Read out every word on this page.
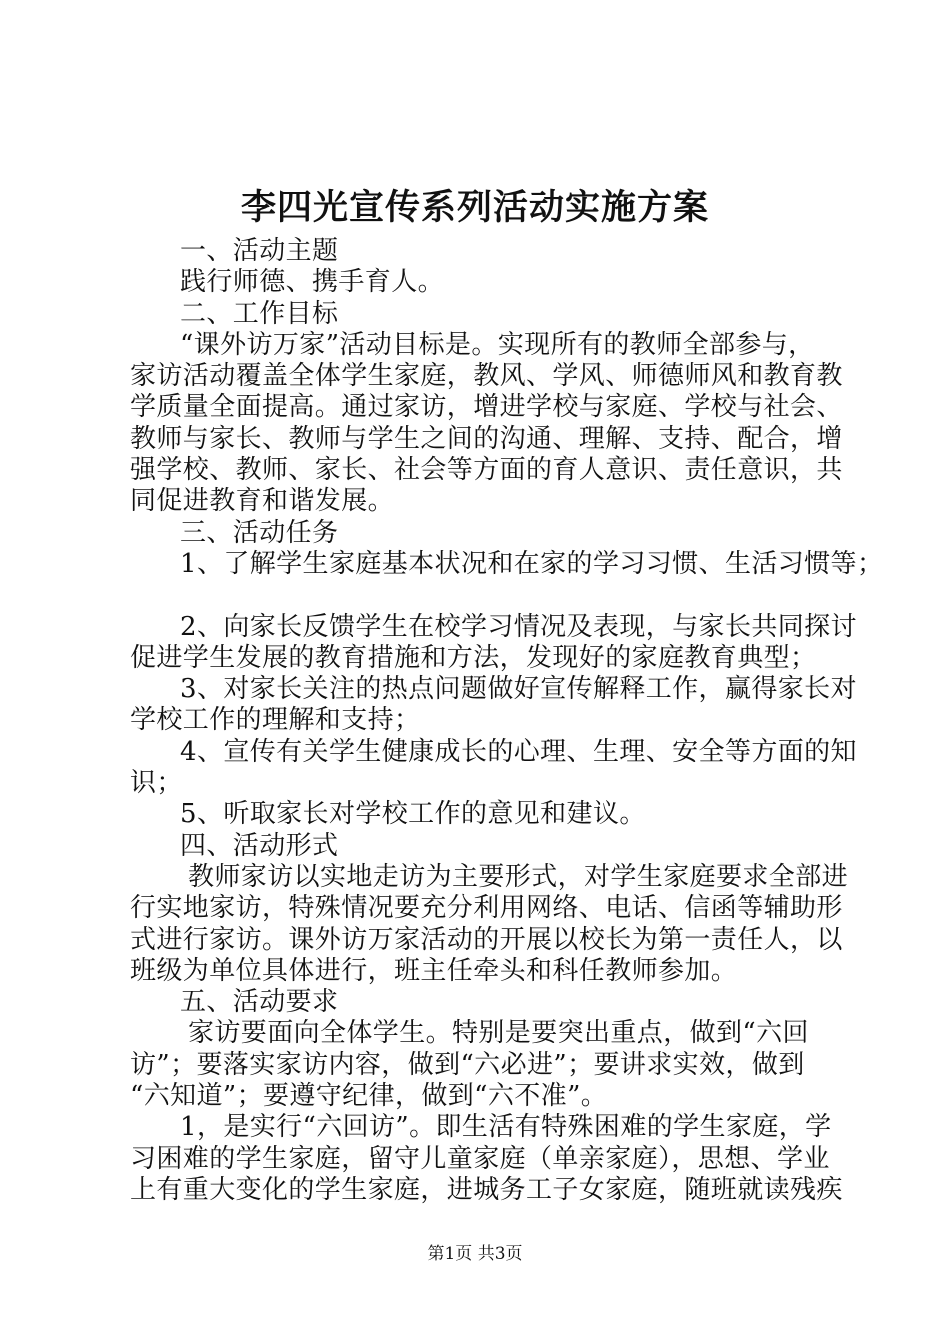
李四光宣传系列活动实施方案

一、活动主题

践行师德、携手育人。

二、工作目标

“课外访万家”活动目标是。实现所有的教师全部参与，

家访活动覆盖全体学生家庭，教风、学风、师德师风和教育教

学质量全面提高。通过家访，增进学校与家庭、学校与社会、

教师与家长、教师与学生之间的沟通、理解、支持、配合，增

强学校、教师、家长、社会等方面的育人意识、责任意识，共

同促进教育和谐发展。

三、活动任务

1、了解学生家庭基本状况和在家的学习习惯、生活习惯等；

2、向家长反馈学生在校学习情况及表现，与家长共同探讨

促进学生发展的教育措施和方法，发现好的家庭教育典型；

3、对家长关注的热点问题做好宣传解释工作，赢得家长对

学校工作的理解和支持；

4、宣传有关学生健康成长的心理、生理、安全等方面的知

识；

5、听取家长对学校工作的意见和建议。

四、活动形式

教师家访以实地走访为主要形式，对学生家庭要求全部进

行实地家访，特殊情况要充分利用网络、电话、信函等辅助形

式进行家访。课外访万家活动的开展以校长为第一责任人，以

班级为单位具体进行，班主任牵头和科任教师参加。

五、活动要求

家访要面向全体学生。特别是要突出重点，做到“六回

访”；要落实家访内容，做到“六必进”；要讲求实效，做到

“六知道”；要遵守纪律，做到“六不准”。

1，是实行“六回访”。即生活有特殊困难的学生家庭，学

习困难的学生家庭，留守儿童家庭（单亲家庭），思想、学业

上有重大变化的学生家庭，进城务工子女家庭，随班就读残疾

第1页 共3页
